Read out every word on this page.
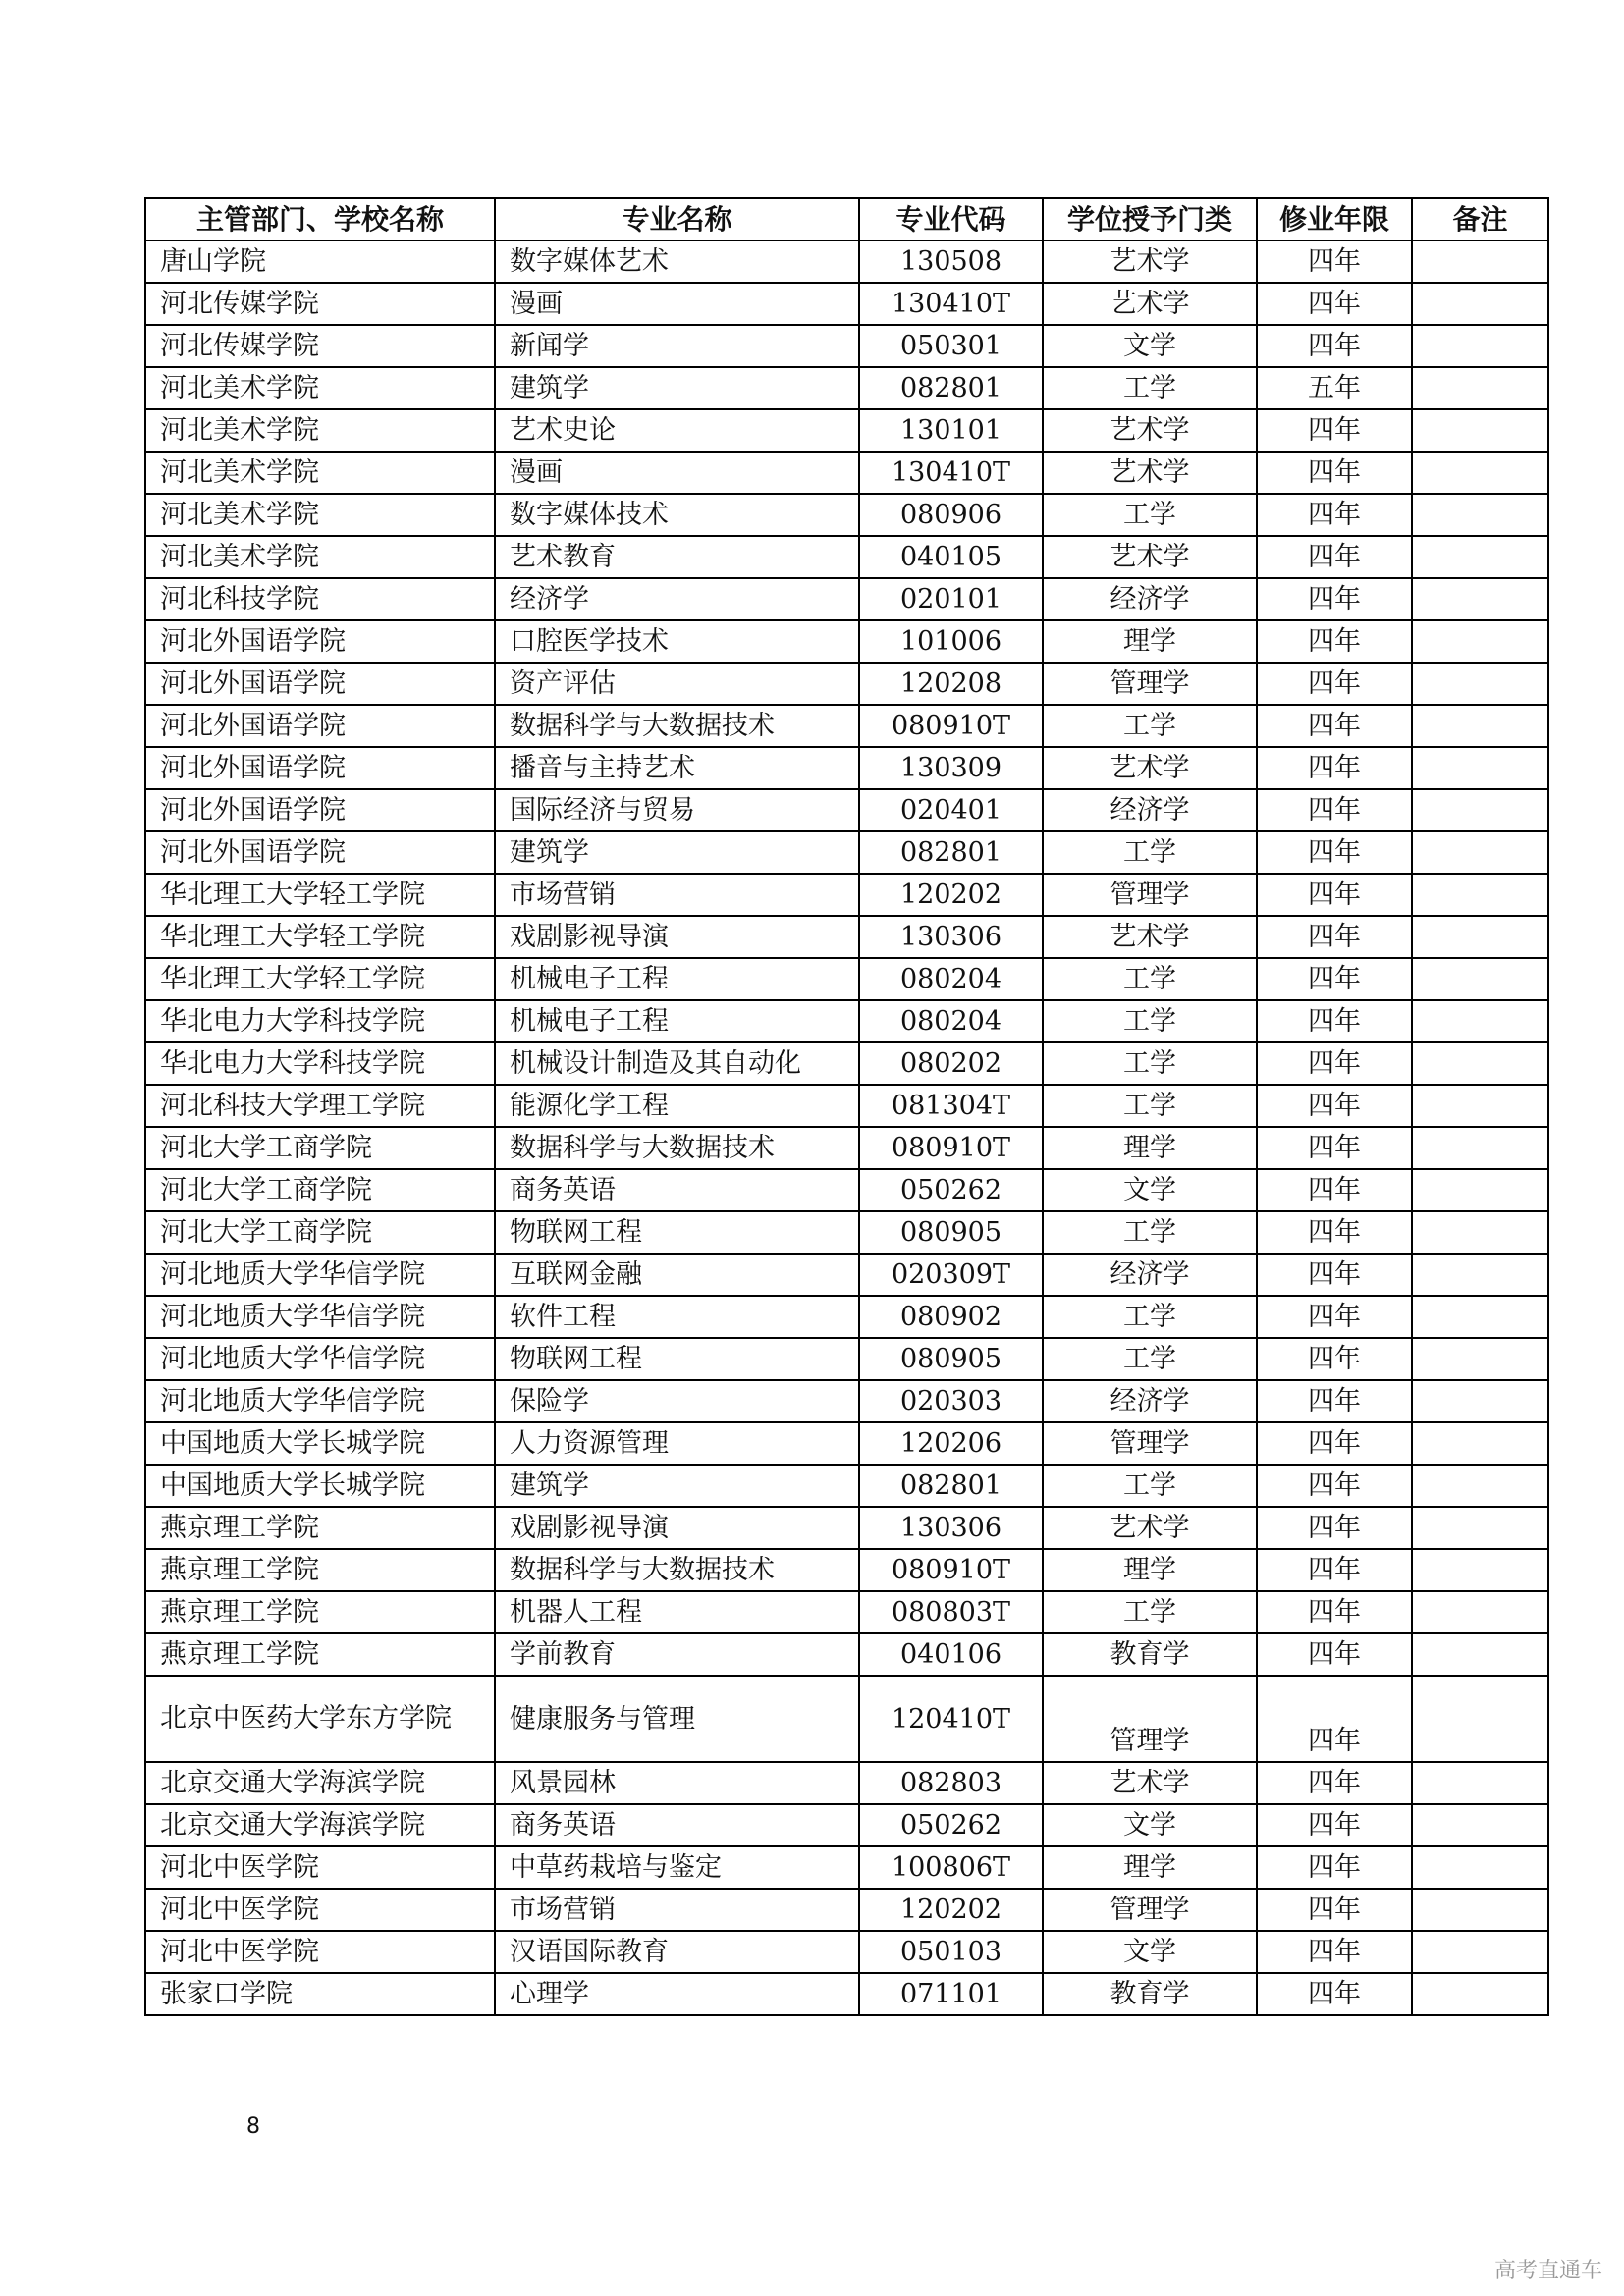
主管部门、学校名称	专业名称	专业代码	学位授予门类	修业年限	备注
唐山学院	数字媒体艺术	130508	艺术学	四年	
河北传媒学院	漫画	130410T	艺术学	四年	
河北传媒学院	新闻学	050301	文学	四年	
河北美术学院	建筑学	082801	工学	五年	
河北美术学院	艺术史论	130101	艺术学	四年	
河北美术学院	漫画	130410T	艺术学	四年	
河北美术学院	数字媒体技术	080906	工学	四年	
河北美术学院	艺术教育	040105	艺术学	四年	
河北科技学院	经济学	020101	经济学	四年	
河北外国语学院	口腔医学技术	101006	理学	四年	
河北外国语学院	资产评估	120208	管理学	四年	
河北外国语学院	数据科学与大数据技术	080910T	工学	四年	
河北外国语学院	播音与主持艺术	130309	艺术学	四年	
河北外国语学院	国际经济与贸易	020401	经济学	四年	
河北外国语学院	建筑学	082801	工学	四年	
华北理工大学轻工学院	市场营销	120202	管理学	四年	
华北理工大学轻工学院	戏剧影视导演	130306	艺术学	四年	
华北理工大学轻工学院	机械电子工程	080204	工学	四年	
华北电力大学科技学院	机械电子工程	080204	工学	四年	
华北电力大学科技学院	机械设计制造及其自动化	080202	工学	四年	
河北科技大学理工学院	能源化学工程	081304T	工学	四年	
河北大学工商学院	数据科学与大数据技术	080910T	理学	四年	
河北大学工商学院	商务英语	050262	文学	四年	
河北大学工商学院	物联网工程	080905	工学	四年	
河北地质大学华信学院	互联网金融	020309T	经济学	四年	
河北地质大学华信学院	软件工程	080902	工学	四年	
河北地质大学华信学院	物联网工程	080905	工学	四年	
河北地质大学华信学院	保险学	020303	经济学	四年	
中国地质大学长城学院	人力资源管理	120206	管理学	四年	
中国地质大学长城学院	建筑学	082801	工学	四年	
燕京理工学院	戏剧影视导演	130306	艺术学	四年	
燕京理工学院	数据科学与大数据技术	080910T	理学	四年	
燕京理工学院	机器人工程	080803T	工学	四年	
燕京理工学院	学前教育	040106	教育学	四年	
北京中医药大学东方学院	健康服务与管理	120410T	管理学	四年	
北京交通大学海滨学院	风景园林	082803	艺术学	四年	
北京交通大学海滨学院	商务英语	050262	文学	四年	
河北中医学院	中草药栽培与鉴定	100806T	理学	四年	
河北中医学院	市场营销	120202	管理学	四年	
河北中医学院	汉语国际教育	050103	文学	四年	
张家口学院	心理学	071101	教育学	四年	
8
高考直通车
